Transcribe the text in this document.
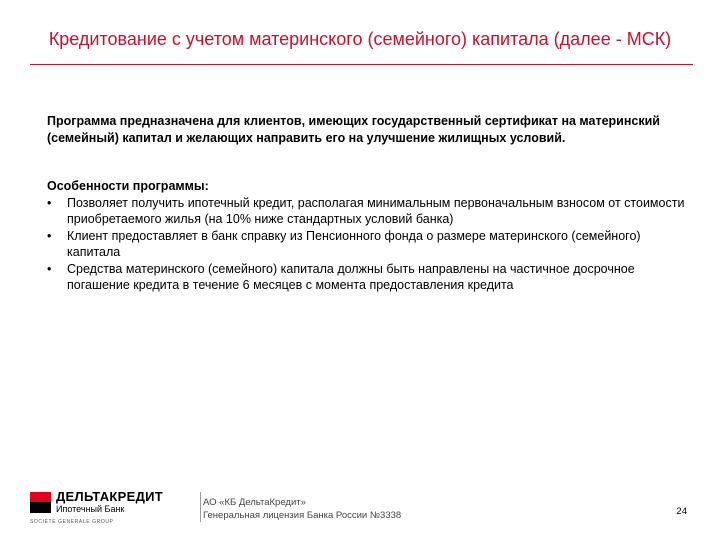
Кредитование с учетом материнского (семейного) капитала (далее - МСК)
Программа предназначена для клиентов, имеющих государственный сертификат на материнский (семейный) капитал и желающих направить его на улучшение жилищных условий.
Особенности программы:
• Позволяет получить ипотечный кредит, располагая минимальным первоначальным взносом от стоимости приобретаемого жилья (на 10% ниже стандартных условий банка)
• Клиент предоставляет в банк справку из Пенсионного фонда о размере материнского (семейного) капитала
• Средства материнского (семейного) капитала должны быть направлены на частичное досрочное погашение кредита в течение 6 месяцев с момента предоставления кредита
ДЕЛЬТАКРЕДИТ
Ипотечный Банк
SOCIETE GENERALE GROUP
АО «КБ ДельтаКредит»
Генеральная лицензия Банка России №3338	24
